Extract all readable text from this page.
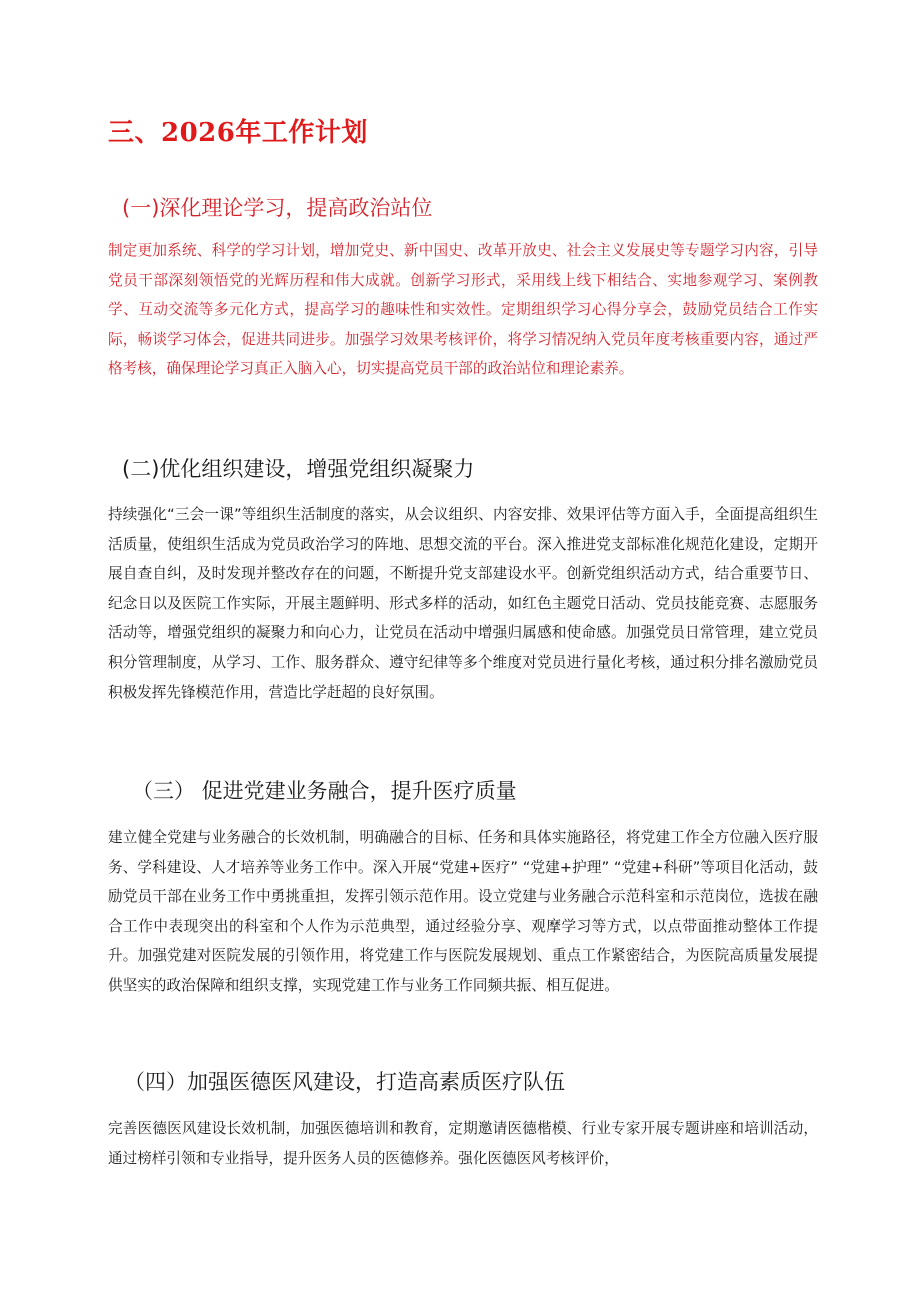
三、2026年工作计划
(一)深化理论学习，提高政治站位

制定更加系统、科学的学习计划，增加党史、新中国史、改革开放史、社会主义发展史等专题学习内容，引导党员干部深刻领悟党的光辉历程和伟大成就。创新学习形式，采用线上线下相结合、实地参观学习、案例教学、互动交流等多元化方式，提高学习的趣味性和实效性。定期组织学习心得分享会，鼓励党员结合工作实际，畅谈学习体会，促进共同进步。加强学习效果考核评价，将学习情况纳入党员年度考核重要内容，通过严格考核，确保理论学习真正入脑入心，切实提高党员干部的政治站位和理论素养。

(二)优化组织建设，增强党组织凝聚力

持续强化“三会一课”等组织生活制度的落实，从会议组织、内容安排、效果评估等方面入手，全面提高组织生活质量，使组织生活成为党员政治学习的阵地、思想交流的平台。深入推进党支部标准化规范化建设，定期开展自查自纠，及时发现并整改存在的问题，不断提升党支部建设水平。创新党组织活动方式，结合重要节日、纪念日以及医院工作实际，开展主题鲜明、形式多样的活动，如红色主题党日活动、党员技能竞赛、志愿服务活动等，增强党组织的凝聚力和向心力，让党员在活动中增强归属感和使命感。加强党员日常管理，建立党员积分管理制度，从学习、工作、服务群众、遵守纪律等多个维度对党员进行量化考核，通过积分排名激励党员积极发挥先锋模范作用，营造比学赶超的良好氛围。

（三） 促进党建业务融合，提升医疗质量

建立健全党建与业务融合的长效机制，明确融合的目标、任务和具体实施路径，将党建工作全方位融入医疗服务、学科建设、人才培养等业务工作中。深入开展“党建+医疗” “党建+护理” “党建+科研”等项目化活动，鼓励党员干部在业务工作中勇挑重担，发挥引领示范作用。设立党建与业务融合示范科室和示范岗位，选拔在融合工作中表现突出的科室和个人作为示范典型，通过经验分享、观摩学习等方式，以点带面推动整体工作提升。加强党建对医院发展的引领作用，将党建工作与医院发展规划、重点工作紧密结合，为医院高质量发展提供坚实的政治保障和组织支撑，实现党建工作与业务工作同频共振、相互促进。

（四）加强医德医风建设，打造高素质医疗队伍

完善医德医风建设长效机制，加强医德培训和教育，定期邀请医德楷模、行业专家开展专题讲座和培训活动，通过榜样引领和专业指导，提升医务人员的医德修养。强化医德医风考核评价，
